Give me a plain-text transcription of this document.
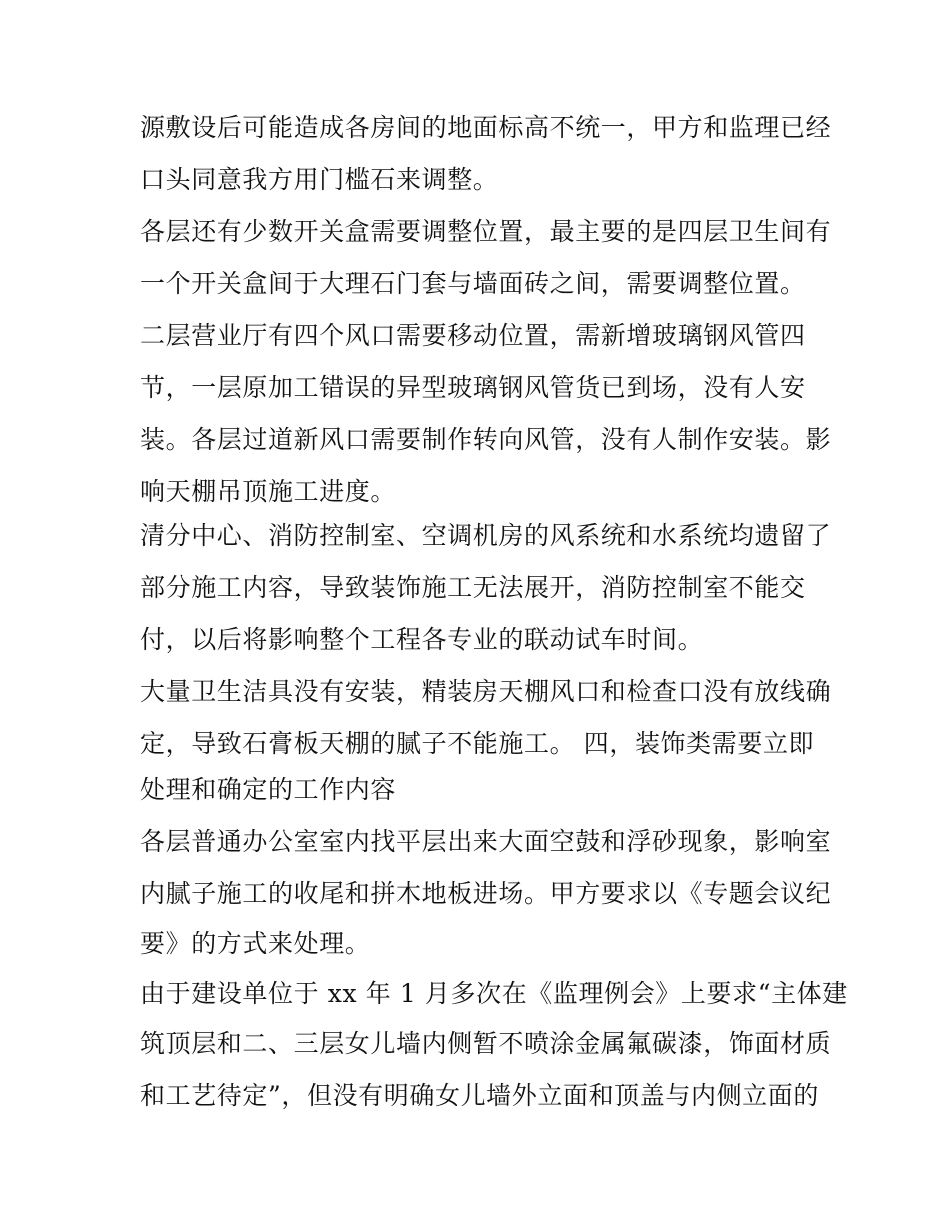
源敷设后可能造成各房间的地面标高不统一，甲方和监理已经
口头同意我方用门槛石来调整。
各层还有少数开关盒需要调整位置，最主要的是四层卫生间有
一个开关盒间于大理石门套与墙面砖之间，需要调整位置。
二层营业厅有四个风口需要移动位置，需新增玻璃钢风管四
节，一层原加工错误的异型玻璃钢风管货已到场，没有人安
装。各层过道新风口需要制作转向风管，没有人制作安装。影
响天棚吊顶施工进度。
清分中心、消防控制室、空调机房的风系统和水系统均遗留了
部分施工内容，导致装饰施工无法展开，消防控制室不能交
付，以后将影响整个工程各专业的联动试车时间。
大量卫生洁具没有安装，精装房天棚风口和检查口没有放线确
定，导致石膏板天棚的腻子不能施工。 四，装饰类需要立即
处理和确定的工作内容
各层普通办公室室内找平层出来大面空鼓和浮砂现象，影响室
内腻子施工的收尾和拼木地板进场。甲方要求以《专题会议纪
要》的方式来处理。
由于建设单位于 xx 年 1 月多次在《监理例会》上要求“主体建
筑顶层和二、三层女儿墙内侧暂不喷涂金属氟碳漆，饰面材质
和工艺待定”，但没有明确女儿墙外立面和顶盖与内侧立面的
